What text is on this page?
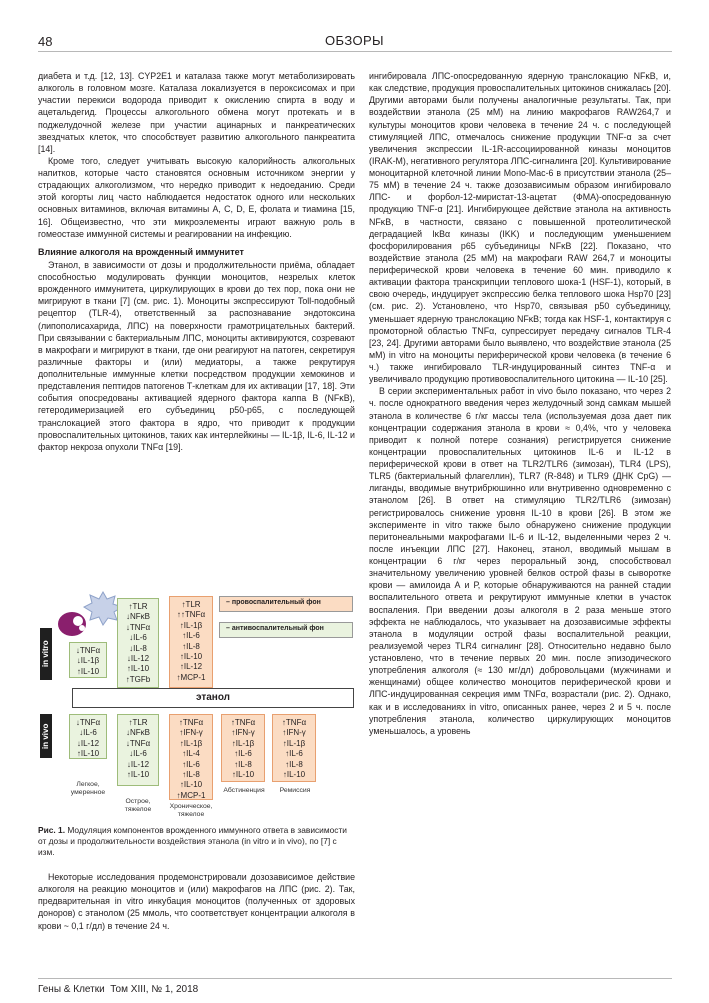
48	ОБЗОРЫ

диабета и т.д. [12, 13]. CYP2E1 и каталаза также могут метаболизировать алкоголь в головном мозге. Каталаза локализуется в пероксисомах и при участии перекиси водорода приводит к окислению спирта в воду и ацетальдегид. Процессы алкогольного обмена могут протекать и в поджелудочной железе при участии ацинарных и панкреатических звездчатых клеток, что способствует развитию алкогольного панкреатита [14].

Кроме того, следует учитывать высокую калорийность алкогольных напитков, которые часто становятся основным источником энергии у страдающих алкоголизмом, что нередко приводит к недоеданию. Среди этой когорты лиц часто наблюдается недостаток одного или нескольких основных витаминов, включая витамины A, C, D, E, фолата и тиамина [15, 16]. Общеизвестно, что эти микроэлементы играют важную роль в гомеостазе иммунной системы и реагировании на инфекцию.

Влияние алкоголя на врожденный иммунитет

Этанол, в зависимости от дозы и продолжительности приёма, обладает способностью модулировать функции моноцитов, незрелых клеток врожденного иммунитета, циркулирующих в крови до тех пор, пока они не мигрируют в ткани [7] (см. рис. 1). Моноциты экспрессируют Toll-подобный рецептор (TLR-4), ответственный за распознавание эндотоксина (липополисахарида, ЛПС) на поверхности грамотрицательных бактерий. При связывании с бактериальным ЛПС, моноциты активируются, созревают в макрофаги и мигрируют в ткани, где они реагируют на патоген, секретируя различные факторы и (или) медиаторы, а также рекрутируя дополнительные иммунные клетки посредством продукции хемокинов и представления пептидов патогенов Т-клеткам для их активации [17, 18]. Эти события опосредованы активацией ядерного фактора каппа В (NFκB), гетеродимеризацией его субъединиц p50-p65, с последующей транслокацией этого фактора в ядро, что приводит к продукции провоспалительных цитокинов, таких как интерлейкины — IL-1β, IL-6, IL-12 и фактор некроза опухоли TNFα [19].

– провоспалительный фон
– антивоспалительный фон
in vitro	↓TNFα
↓IL-1β
↑IL-10
↑TLR
↓NFκB
↓TNFα
↓IL-6
↓IL-8
↓IL-12
↑IL-10
↑TGFb
↑TLR
↑↑TNFα
↑IL-1β
↑IL-6
↑IL-8
↑IL-10
↑IL-12
↑MCP-1
этанол
in vivo
↓TNFα
↓IL-6
↓IL-12
↑IL-10
↑TLR
↓NFκB
↓TNFα
↓IL-6
↓IL-12
↑IL-10
↑TNFα
↑IFN-γ
↑IL-1β
↑IL-4
↑IL-6
↑IL-8
↑IL-10
↑MCP-1
↑TNFα
↑IFN-γ
↑IL-1β
↑IL-6
↑IL-8
↑IL-10
↑TNFα
↑IFN-γ
↑IL-1β
↑IL-6
↑IL-8
↑IL-10
Легкое,
умеренное
Острое,
тяжелое	Хроническое,
тяжелое
Абстиненция	Ремиссия
Рис. 1. Модуляция компонентов врожденного иммунного ответа в зависимости от дозы и продолжительности воздействия этанола (in vitro и in vivo), по [7] с изм.

Некоторые исследования продемонстрировали дозозависимое действие алкоголя на реакцию моноцитов и (или) макрофагов на ЛПС (рис. 2). Так, предварительная in vitro инкубация моноцитов (полученных от здоровых доноров) с этанолом (25 ммоль, что соответствует концентрации алкоголя в крови ~ 0,1 г/дл) в течение 24 ч.

ингибировала ЛПС-опосредованную ядерную транслокацию NFκB, и, как следствие, продукция провоспалительных цитокинов снижалась [20]. Другими авторами были получены аналогичные результаты. Так, при воздействии этанола (25 мМ) на линию макрофагов RAW264,7 и культуры моноцитов крови человека в течение 24 ч. с последующей стимуляцией ЛПС, отмечалось снижение продукции TNF-α за счет увеличения экспрессии IL-1R-ассоциированной киназы моноцитов (IRAK-M), негативного регулятора ЛПС-сигналинга [20]. Культивирование моноцитарной клеточной линии Mono-Mac-6 в присутствии этанола (25–75 мМ) в течение 24 ч. также дозозависимым образом ингибировало ЛПС- и форбол-12-миристат-13-ацетат (ФМА)-опосредованную продукцию TNF-α [21]. Ингибирующее действие этанола на активность NFκB, в частности, связано с повышенной протеолитической деградацией IκBα киназы (IKK) и последующим уменьшением фосфорилирования p65 субъединицы NFκB [22]. Показано, что воздействие этанола (25 мМ) на макрофаги RAW 264,7 и моноциты периферической крови человека в течение 60 мин. приводило к активации фактора транскрипции теплового шока-1 (HSF-1), который, в свою очередь, индуцирует экспрессию белка теплового шока Hsp70 [23] (см. рис. 2). Установлено, что Hsp70, связывая p50 субъединицу, уменьшает ядерную транслокацию NFκB; тогда как HSF-1, контактируя с промоторной областью TNFα, супрессирует передачу сигналов TLR-4 [23, 24]. Другими авторами было выявлено, что воздействие этанола (25 мМ) in vitro на моноциты периферической крови человека (в течение 6 ч.) также ингибировало TLR-индуцированный синтез TNF-α и увеличивало продукцию противовоспалительного цитокина — IL-10 [25].

В серии экспериментальных работ in vivo было показано, что через 2 ч. после однократного введения через желудочный зонд самкам мышей этанола в количестве 6 г/кг массы тела (используемая доза дает пик концентрации содержания этанола в крови ≈ 0,4%, что у человека приводит к полной потере сознания) регистрируется снижение концентрации провоспалительных цитокинов IL-6 и IL-12 в периферической крови в ответ на TLR2/TLR6 (зимозан), TLR4 (LPS), TLR5 (бактериальный флагеллин), TLR7 (R-848) и TLR9 (ДНК CpG) — лиганды, вводимые внутрибрюшинно или внутривенно одновременно с этанолом [26]. В ответ на стимуляцию TLR2/TLR6 (зимозан) регистрировалось снижение уровня IL-10 в крови [26]. В этом же эксперименте in vitro также было обнаружено снижение продукции перитонеальными макрофагами IL-6 и IL-12, выделенными через 2 ч. после инъекции ЛПС [27]. Наконец, этанол, вводимый мышам в концентрации 6 г/кг через пероральный зонд, способствовал значительному увеличению уровней белков острой фазы в сыворотке крови — амилоида А и Р, которые обнаруживаются на ранней стадии воспалительного ответа и рекрутируют иммунные клетки в участок воспаления. При введении дозы алкоголя в 2 раза меньше этого эффекта не наблюдалось, что указывает на дозозависимые эффекты этанола в модуляции острой фазы воспалительной реакции, реализуемой через TLR4 сигналинг [28]. Относительно недавно было установлено, что в течение первых 20 мин. после эпизодического употребления алкоголя (≈ 130 мг/дл) добровольцами (мужчинами и женщинами) общее количество моноцитов периферической крови и ЛПС-индуцированная секреция имм TNFα, возрастали (рис. 2). Однако, как и в исследованиях in vitro, описанных ранее, через 2 и 5 ч. после употребления этанола, количество циркулирующих моноцитов уменьшалось, а уровень

Гены & Клетки  Том XIII, № 1, 2018
